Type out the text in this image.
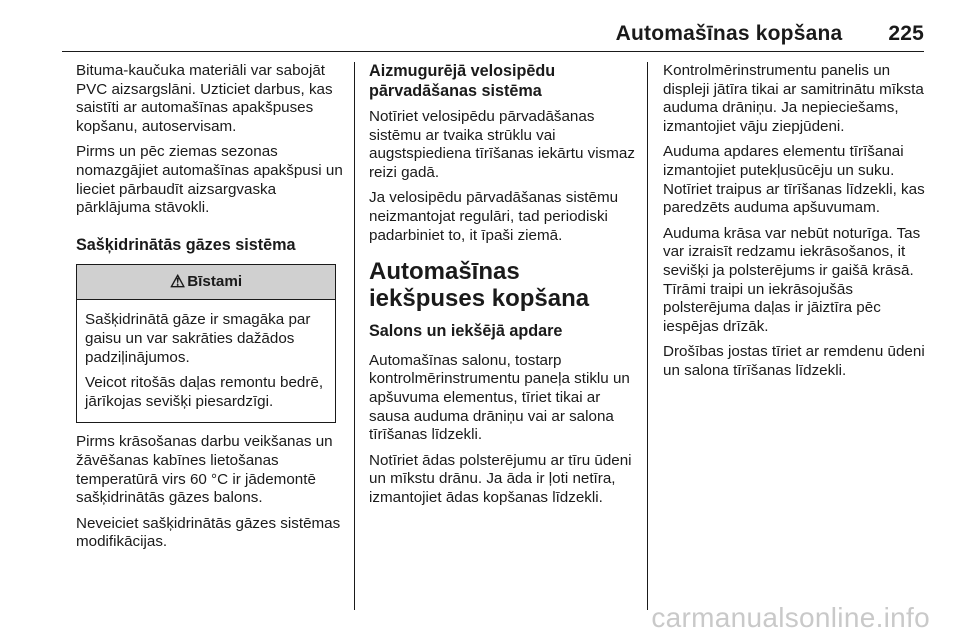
Automašīnas kopšana 225

Bituma-kaučuka materiāli var sabojāt PVC aizsargslāni. Uzticiet darbus, kas saistīti ar automašīnas apakšpuses kopšanu, autoservisam.

Pirms un pēc ziemas sezonas nomazgājiet automašīnas apakšpusi un lieciet pārbaudīt aizsargvaska pārklājuma stāvokli.

Sašķidrinātās gāzes sistēma
⚠ Bīstami

Sašķidrinātā gāze ir smagāka par gaisu un var sakrāties dažādos padziļinājumos.

Veicot ritošās daļas remontu bedrē, jārīkojas sevišķi piesardzīgi.

Pirms krāsošanas darbu veikšanas un žāvēšanas kabīnes lietošanas temperatūrā virs 60 °C ir jādemontē sašķidrinātās gāzes balons.

Neveiciet sašķidrinātās gāzes sistēmas modifikācijas.

Aizmugurējā velosipēdu pārvadāšanas sistēma

Notīriet velosipēdu pārvadāšanas sistēmu ar tvaika strūklu vai augstspiediena tīrīšanas iekārtu vismaz reizi gadā.

Ja velosipēdu pārvadāšanas sistēmu neizmantojat regulāri, tad periodiski padarbiniet to, it īpaši ziemā.

Automašīnas iekšpuses kopšana
Salons un iekšējā apdare

Automašīnas salonu, tostarp kontrolmērinstrumentu paneļa stiklu un apšuvuma elementus, tīriet tikai ar sausa auduma drāniņu vai ar salona tīrīšanas līdzekli.

Notīriet ādas polsterējumu ar tīru ūdeni un mīkstu drānu. Ja āda ir ļoti netīra, izmantojiet ādas kopšanas līdzekli.

Kontrolmērinstrumentu panelis un displeji jātīra tikai ar samitrinātu mīksta auduma drāniņu. Ja nepieciešams, izmantojiet vāju ziepjūdeni.

Auduma apdares elementu tīrīšanai izmantojiet putekļusūcēju un suku. Notīriet traipus ar tīrīšanas līdzekli, kas paredzēts auduma apšuvumam.

Auduma krāsa var nebūt noturīga. Tas var izraisīt redzamu iekrāsošanos, it sevišķi ja polsterējums ir gaišā krāsā. Tīrāmi traipi un iekrāsojušās polsterējuma daļas ir jāiztīra pēc iespējas drīzāk.

Drošības jostas tīriet ar remdenu ūdeni un salona tīrīšanas līdzekli.

carmanualsonline.info
